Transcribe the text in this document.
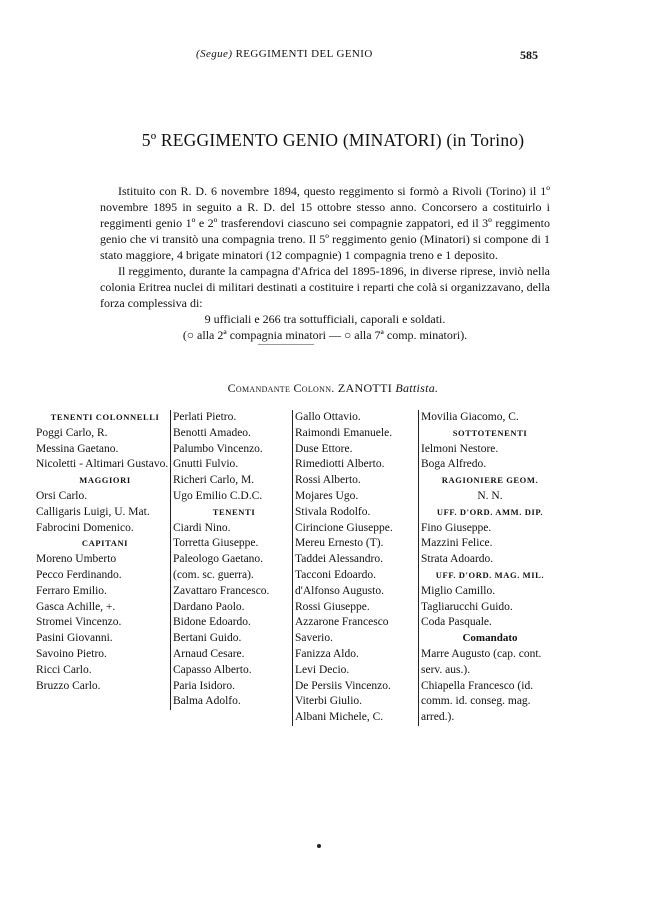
(Segue) REGGIMENTI DEL GENIO	585
5º REGGIMENTO GENIO (MINATORI) (in Torino)

Istituito con R. D. 6 novembre 1894, questo reggimento si formò a Rivoli (Torino) il 1º novembre 1895 in seguito a R. D. del 15 ottobre stesso anno. Concorsero a costituirlo i reggimenti genio 1º e 2º trasferendovi ciascuno sei compagnie zappatori, ed il 3º reggimento genio che vi transitò una compagnia treno. Il 5º reggimento genio (Minatori) si compone di 1 stato maggiore, 4 brigate minatori (12 compagnie) 1 compagnia treno e 1 deposito.

Il reggimento, durante la campagna d'Africa del 1895-1896, in diverse riprese, inviò nella colonia Eritrea nuclei di militari destinati a costituire i reparti che colà si organizzavano, della forza complessiva di:

9 ufficiali e 266 tra sottufficiali, caporali e soldati.

(○ alla 2ª compagnia minatori — ○ alla 7ª comp. minatori).

Comandante Colonn. ZANOTTI Battista.
TENENTI COLONNELLI
Poggi Carlo, R.
Messina Gaetano.
Nicoletti - Altimari Gustavo.
MAGGIORI
Orsi Carlo.
Calligaris Luigi, U. Mat.
Fabrocini Domenico.
CAPITANI
Moreno Umberto
Pecco Ferdinando.
Ferraro Emilio.
Gasca Achille, +.
Stromei Vincenzo.
Pasini Giovanni.
Savoino Pietro.
Ricci Carlo.
Bruzzo Carlo.
Perlati Pietro.
Benotti Amadeo.
Palumbo Vincenzo.
Gnutti Fulvio.
Richeri Carlo, M.
Ugo Emilio C.D.C.
TENENTI
Ciardi Nino.
Torretta Giuseppe.
Paleologo Gaetano.
(com. sc. guerra).
Zavattaro Francesco.
Dardano Paolo.
Bidone Edoardo.
Bertani Guido.
Arnaud Cesare.
Capasso Alberto.
Paria Isidoro.
Balma Adolfo.
Gallo Ottavio.
Raimondi Emanuele.
Duse Ettore.
Rimediotti Alberto.
Rossi Alberto.
Mojares Ugo.
Stivala Rodolfo.
Cirincione Giuseppe.
Mereu Ernesto (T).
Taddei Alessandro.
Tacconi Edoardo.
d'Alfonso Augusto.
Rossi Giuseppe.
Azzarone Francesco Saverio.
Fanizza Aldo.
Levi Decio.
De Persiis Vincenzo.
Viterbi Giulio.
Albani Michele, C.
Movilia Giacomo, C.
SOTTOTENENTI
Ielmoni Nestore.
Boga Alfredo.
RAGIONIERE GEOM.
N. N.
UFF. D'ORD. AMM. DIP.
Fino Giuseppe.
Mazzini Felice.
Strata Adoardo.
UFF. D'ORD. MAG. MIL.
Miglio Camillo.
Tagliarucchi Guido.
Coda Pasquale.
Comandato
Marre Augusto (cap. cont. serv. aus.).
Chiapella Francesco (id. comm. id. conseg. mag. arred.).
